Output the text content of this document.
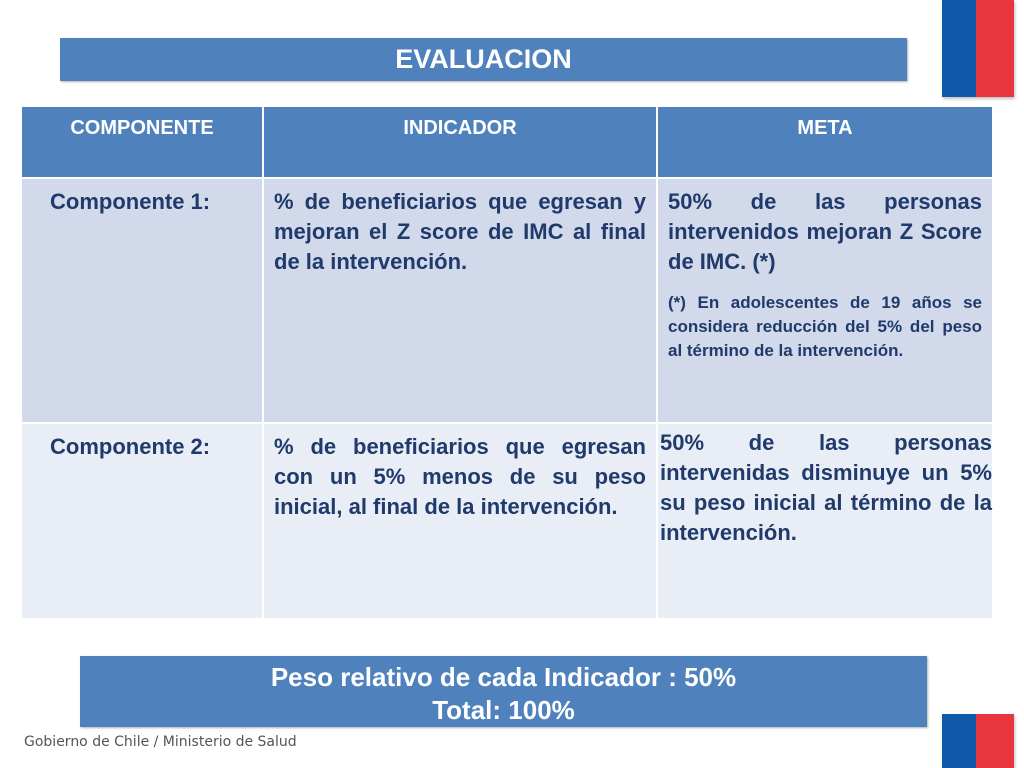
EVALUACION
COMPONENTE	INDICADOR	META
Componente 1:	% de beneficiarios que egresan y mejoran el Z score de IMC al final de la intervención.	50% de las personas intervenidos mejoran Z Score de IMC. (*)
(*) En adolescentes de 19 años se considera reducción del 5% del peso al término de la intervención.

Componente 2:	% de beneficiarios que egresan con un 5% menos de su peso inicial, al final de la intervención.	50% de las personas intervenidas disminuye un 5% su peso inicial al término de la intervención.
Peso relativo de cada Indicador : 50%
Total: 100%
Gobierno de Chile / Ministerio de Salud
